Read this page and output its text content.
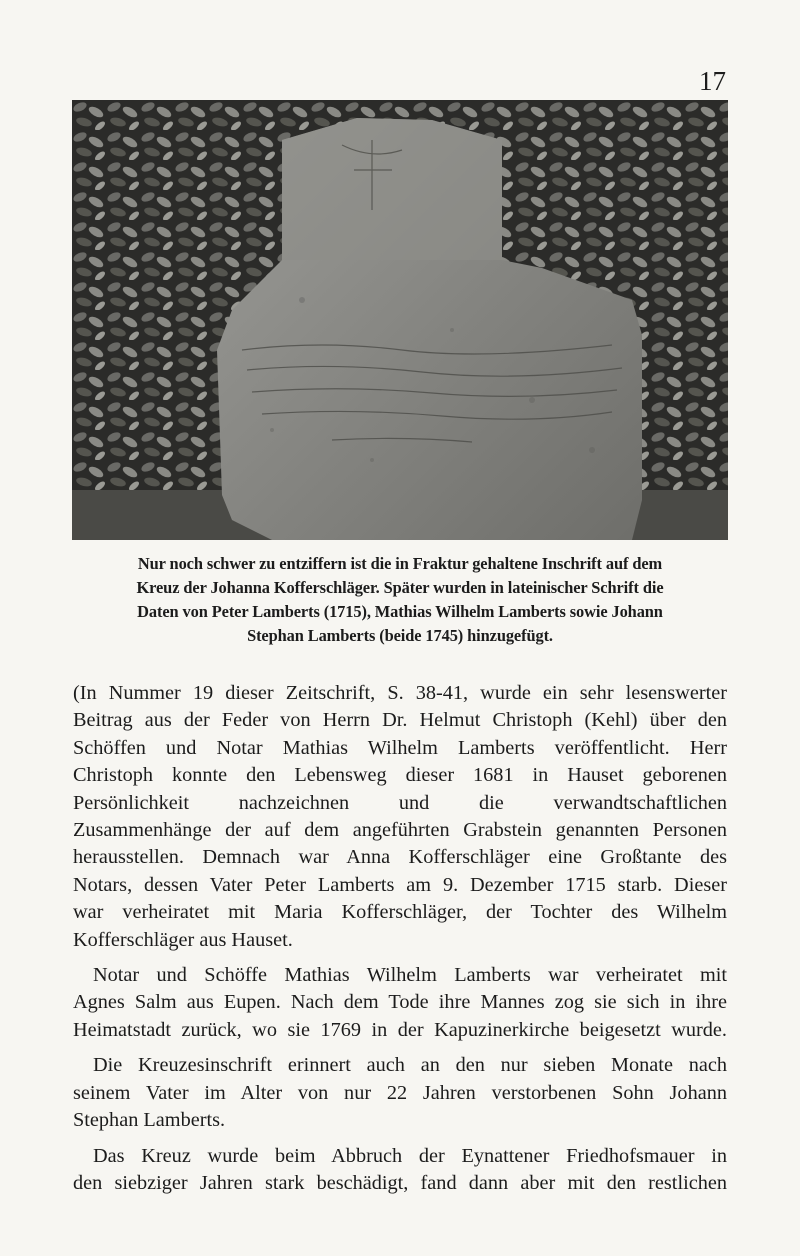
17
Nur noch schwer zu entziffern ist die in Fraktur gehaltene Inschrift auf dem
Kreuz der Johanna Kofferschläger. Später wurden in lateinischer Schrift die
Daten von Peter Lamberts (1715), Mathias Wilhelm Lamberts sowie Johann
Stephan Lamberts (beide 1745) hinzugefügt.

(In Nummer 19 dieser Zeitschrift, S. 38-41, wurde ein sehr lesenswerter
Beitrag aus der Feder von Herrn Dr. Helmut Christoph (Kehl) über den
Schöffen und Notar Mathias Wilhelm Lamberts veröffentlicht. Herr
Christoph konnte den Lebensweg dieser 1681 in Hauset geborenen
Persönlichkeit nachzeichnen und die verwandtschaftlichen
Zusammenhänge der auf dem angeführten Grabstein genannten Personen
herausstellen. Demnach war Anna Kofferschläger eine Großtante des
Notars, dessen Vater Peter Lamberts am 9. Dezember 1715 starb. Dieser
war verheiratet mit Maria Kofferschläger, der Tochter des Wilhelm
Kofferschläger aus Hauset.

Notar und Schöffe Mathias Wilhelm Lamberts war verheiratet mit
Agnes Salm aus Eupen. Nach dem Tode ihre Mannes zog sie sich in ihre
Heimatstadt zurück, wo sie 1769 in der Kapuzinerkirche beigesetzt wurde.

Die Kreuzesinschrift erinnert auch an den nur sieben Monate nach
seinem Vater im Alter von nur 22 Jahren verstorbenen Sohn Johann
Stephan Lamberts.

Das Kreuz wurde beim Abbruch der Eynattener Friedhofsmauer in
den siebziger Jahren stark beschädigt, fand dann aber mit den restlichen
